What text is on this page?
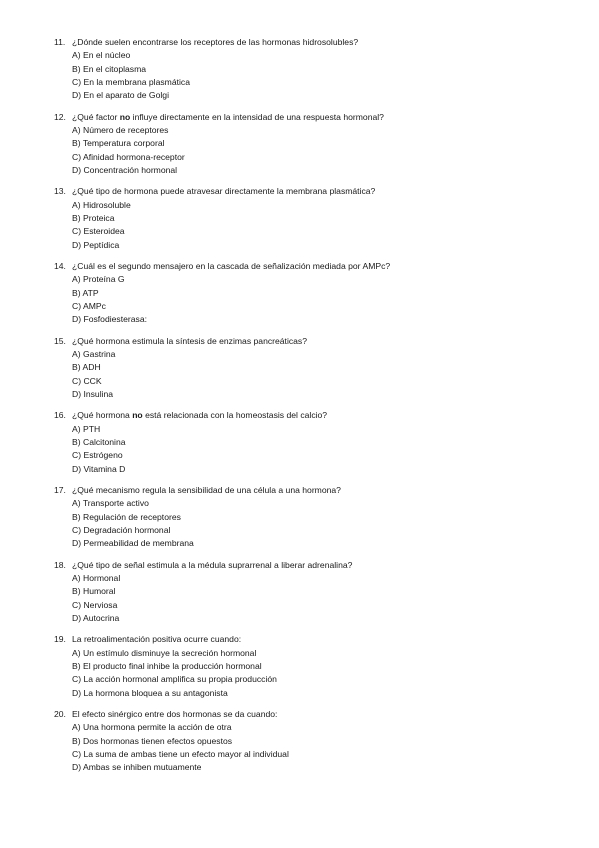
11. ¿Dónde suelen encontrarse los receptores de las hormonas hidrosolubles?
A) En el núcleo
B) En el citoplasma
C) En la membrana plasmática
D) En el aparato de Golgi
12. ¿Qué factor no influye directamente en la intensidad de una respuesta hormonal?
A) Número de receptores
B) Temperatura corporal
C) Afinidad hormona-receptor
D) Concentración hormonal
13. ¿Qué tipo de hormona puede atravesar directamente la membrana plasmática?
A) Hidrosoluble
B) Proteica
C) Esteroidea
D) Peptídica
14. ¿Cuál es el segundo mensajero en la cascada de señalización mediada por AMPc?
A) Proteína G
B) ATP
C) AMPc
D) Fosfodiesterasa:
15. ¿Qué hormona estimula la síntesis de enzimas pancreáticas?
A) Gastrina
B) ADH
C) CCK
D) Insulina
16. ¿Qué hormona no está relacionada con la homeostasis del calcio?
A) PTH
B) Calcitonina
C) Estrógeno
D) Vitamina D
17. ¿Qué mecanismo regula la sensibilidad de una célula a una hormona?
A) Transporte activo
B) Regulación de receptores
C) Degradación hormonal
D) Permeabilidad de membrana
18. ¿Qué tipo de señal estimula a la médula suprarrenal a liberar adrenalina?
A) Hormonal
B) Humoral
C) Nerviosa
D) Autocrina
19. La retroalimentación positiva ocurre cuando:
A) Un estímulo disminuye la secreción hormonal
B) El producto final inhibe la producción hormonal
C) La acción hormonal amplifica su propia producción
D) La hormona bloquea a su antagonista
20. El efecto sinérgico entre dos hormonas se da cuando:
A) Una hormona permite la acción de otra
B) Dos hormonas tienen efectos opuestos
C) La suma de ambas tiene un efecto mayor al individual
D) Ambas se inhiben mutuamente
